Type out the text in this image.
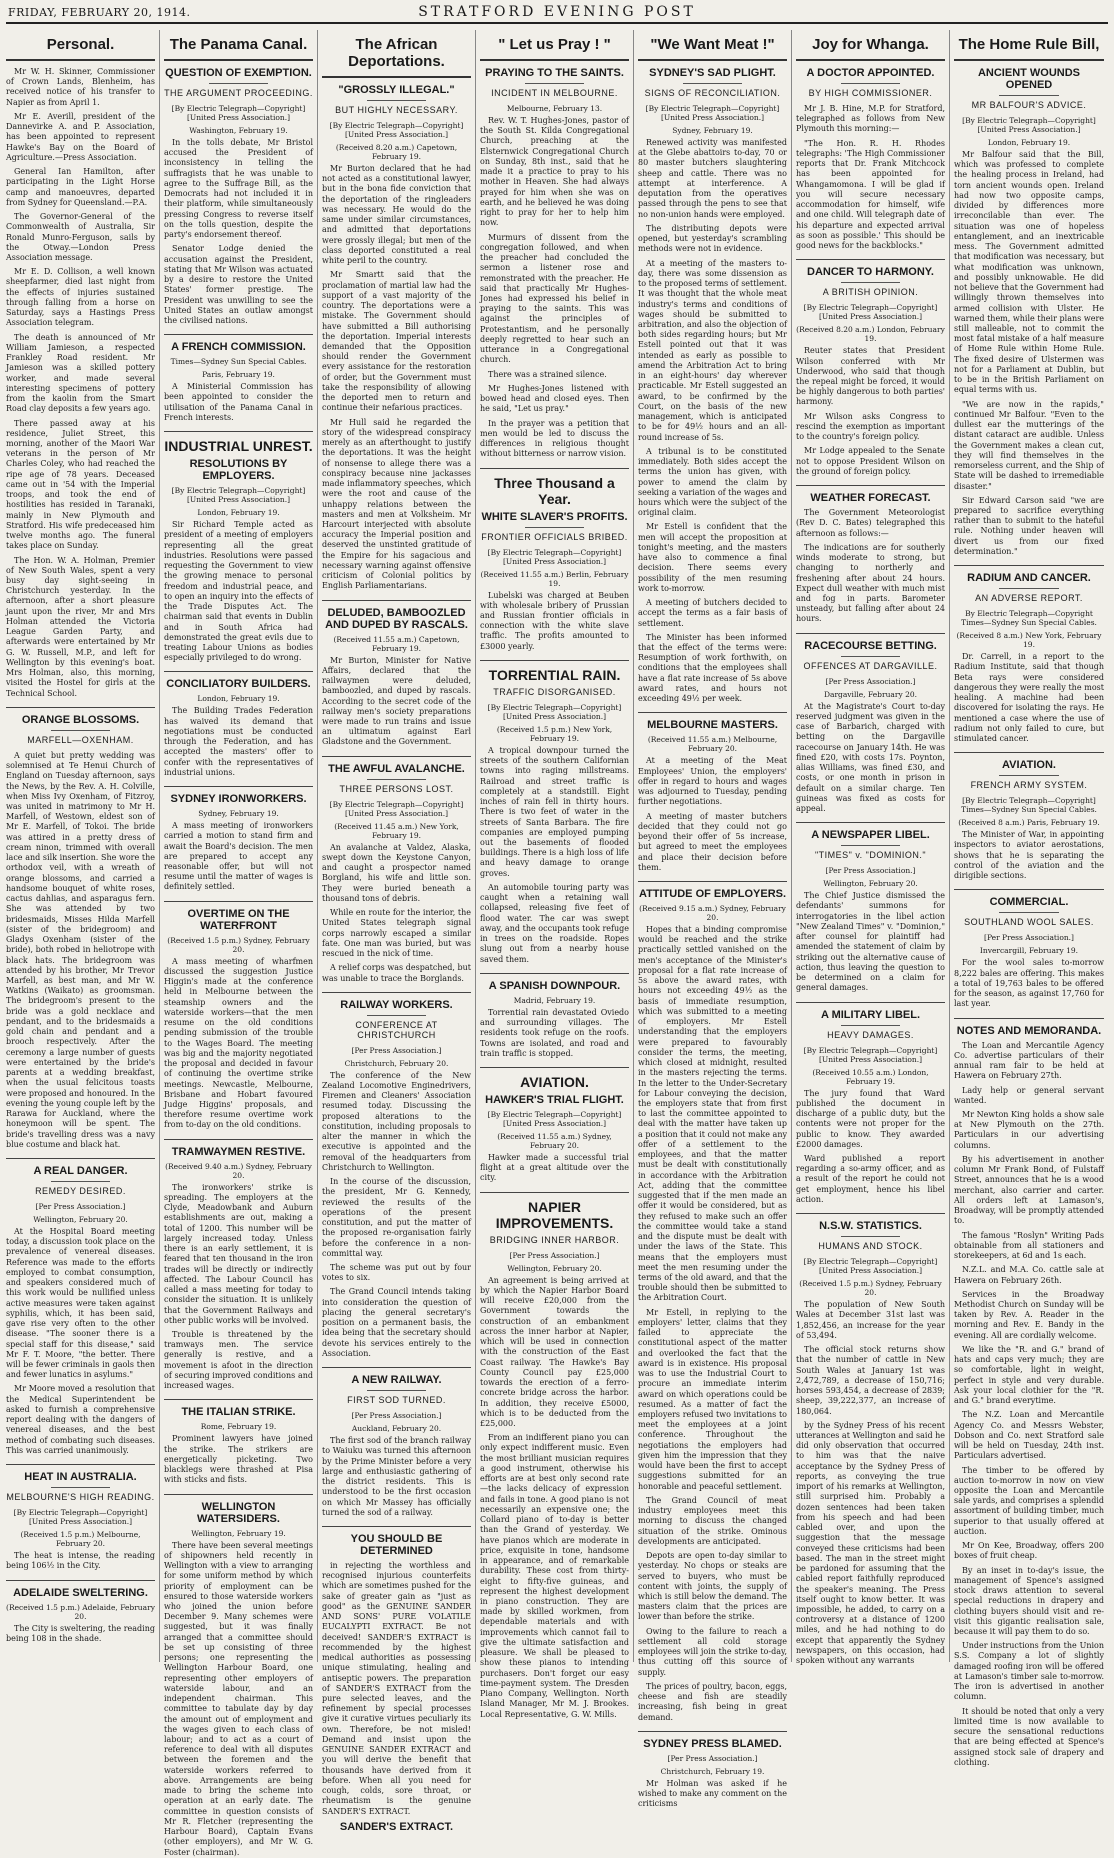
FRIDAY, FEBRUARY 20, 1914.	STRATFORD EVENING POST
Personal.

Mr W. H. Skinner, Commissioner of Crown Lands, Blenheim, has received notice of his transfer to Napier as from April 1.

Mr E. Averill, president of the Dannevirke A. and P. Association, has been appointed to represent Hawke's Bay on the Board of Agriculture.—Press Association.

General Ian Hamilton, after participating in the Light Horse camp and manoeuvres, departed from Sydney for Queensland.—P.A.

The Governor-General of the Commonwealth of Australia, Sir Ronald Munro-Ferguson, sails by the Otway.—London Press Association message.

Mr E. D. Collison, a well known sheepfarmer, died last night from the effects of injuries sustained through falling from a horse on Saturday, says a Hastings Press Association telegram.

The death is announced of Mr William Jamieson, a respected Frankley Road resident. Mr Jamieson was a skilled pottery worker, and made several interesting specimens of pottery from the kaolin from the Smart Road clay deposits a few years ago.

There passed away at his residence, Juliet Street, this morning, another of the Maori War veterans in the person of Mr Charles Coley, who had reached the ripe age of 78 years. Deceased came out in '54 with the Imperial troops, and took the end of hostilities has resided in Taranaki, mainly in New Plymouth and Stratford. His wife predeceased him twelve months ago. The funeral takes place on Sunday.

The Hon. W. A. Holman, Premier of New South Wales, spent a very busy day sight-seeing in Christchurch yesterday. In the afternoon, after a short pleasure jaunt upon the river, Mr and Mrs Holman attended the Victoria League Garden Party, and afterwards were entertained by Mr G. W. Russell, M.P., and left for Wellington by this evening's boat. Mrs Holman, also, this morning, visited the Hostel for girls at the Technical School.

ORANGE BLOSSOMS.
MARFELL—OXENHAM.

A quiet but pretty wedding was solemnised at Te Henui Church of England on Tuesday afternoon, says the News, by the Rev. A. H. Colville, when Miss Ivy Oxenham, of Fitzroy, was united in matrimony to Mr H. Marfell, of Westown, eldest son of Mr E. Marfell, of Tokoi. The bride was attired in a pretty dress of cream ninon, trimmed with overall lace and silk insertion. She wore the orthodox veil, with a wreath of orange blossoms, and carried a handsome bouquet of white roses, cactus dahlias, and asparagus fern. She was attended by two bridesmaids, Misses Hilda Marfell (sister of the bridegroom) and Gladys Oxenham (sister of the bride), both robed in heliotrope with black hats. The bridegroom was attended by his brother, Mr Trevor Marfell, as best man, and Mr W. Watkins (Waikato) as groomsman. The bridegroom's present to the bride was a gold necklace and pendant, and to the bridesmaids a gold chain and pendant and a brooch respectively. After the ceremony a large number of guests were entertained by the bride's parents at a wedding breakfast, when the usual felicitous toasts were proposed and honoured. In the evening the young couple left by the Rarawa for Auckland, where the honeymoon will be spent. The bride's travelling dress was a navy blue costume and black hat.

A REAL DANGER.
REMEDY DESIRED.
[Per Press Association.]
Wellington, February 20.

At the Hospital Board meeting today, a discussion took place on the prevalence of venereal diseases. Reference was made to the efforts employed to combat consumption, and speakers considered much of this work would be nullified unless active measures were taken against syphilis, which, it has been said, gave rise very often to the other disease. "The sooner there is a special staff for this disease," said Mr F. T. Moore, "the better. There will be fewer criminals in gaols then and fewer lunatics in asylums."

Mr Moore moved a resolution that the Medical Superintendent be asked to furnish a comprehensive report dealing with the dangers of venereal diseases, and the best method of combating such diseases. This was carried unanimously.

HEAT IN AUSTRALIA.
MELBOURNE'S HIGH READING.
[By Electric Telegraph—Copyright] [United Press Association.]
(Received 1.5 p.m.) Melbourne, February 20.

The heat is intense, the reading being 106½ in the City.

ADELAIDE SWELTERING.
(Received 1.5 p.m.) Adelaide, February 20.

The City is sweltering, the reading being 108 in the shade.

The Panama Canal.
QUESTION OF EXEMPTION.
THE ARGUMENT PROCEEDING.
[By Electric Telegraph—Copyright] [United Press Association.]
Washington, February 19.

In the tolls debate, Mr Bristol accused the President of inconsistency in telling the suffragists that he was unable to agree to the Suffrage Bill, as the Democrats had not included it in their platform, while simultaneously pressing Congress to reverse itself on the tolls question, despite the party's endorsement thereof.

Senator Lodge denied the accusation against the President, stating that Mr Wilson was actuated by a desire to restore the United States' former prestige. The President was unwilling to see the United States an outlaw amongst the civilised nations.

A FRENCH COMMISSION.
Times—Sydney Sun Special Cables.
Paris, February 19.

A Ministerial Commission has been appointed to consider the utilisation of the Panama Canal in French interests.

INDUSTRIAL UNREST.
RESOLUTIONS BY EMPLOYERS.
[By Electric Telegraph—Copyright] [United Press Association.]
London, February 19.

Sir Richard Temple acted as president of a meeting of employers representing all the great industries. Resolutions were passed requesting the Government to view the growing menace to personal freedom and industrial peace, and to open an inquiry into the effects of the Trade Disputes Act. The chairman said that events in Dublin and in South Africa had demonstrated the great evils due to treating Labour Unions as bodies especially privileged to do wrong.

CONCILIATORY BUILDERS.
London, February 19.

The Building Trades Federation has waived its demand that negotiations must be conducted through the Federation, and has accepted the masters' offer to confer with the representatives of industrial unions.

SYDNEY IRONWORKERS.
Sydney, February 19.

A mass meeting of ironworkers carried a motion to stand firm and await the Board's decision. The men are prepared to accept any reasonable offer, but will not resume until the matter of wages is definitely settled.

OVERTIME ON THE WATERFRONT
(Received 1.5 p.m.) Sydney, February 20.

A mass meeting of wharfmen discussed the suggestion Justice Higgin's made at the conference held in Melbourne between the steamship owners and the waterside workers—that the men resume on the old conditions pending submission of the trouble to the Wages Board. The meeting was big and the majority negotiated the proposal and decided in favour of continuing the overtime strike meetings. Newcastle, Melbourne, Brisbane and Hobart favoured Judge Higgins' proposals, and therefore resume overtime work from to-day on the old conditions.

TRAMWAYMEN RESTIVE.
(Received 9.40 a.m.) Sydney, February 20.

The ironworkers' strike is spreading. The employers at the Clyde, Meadowbank and Auburn establishments are out, making a total of 1200. This number will be largely increased today. Unless there is an early settlement, it is feared that ten thousand in the iron trades will be directly or indirectly affected. The Labour Council has called a mass meeting for today to consider the situation. It is unlikely that the Government Railways and other public works will be involved.

Trouble is threatened by the tramways men. The service generally is restive, and a movement is afoot in the direction of securing improved conditions and increased wages.

THE ITALIAN STRIKE.
Rome, February 19.

Prominent lawyers have joined the strike. The strikers are energetically picketing. Two blacklegs were thrashed at Pisa with sticks and fists.

WELLINGTON WATERSIDERS.
Wellington, February 19.

There have been several meetings of shipowners held recently in Wellington with a view to arranging for some uniform method by which priority of employment can be ensured to those waterside workers who joined the union before December 9. Many schemes were suggested, but it was finally arranged that a committee should be set up consisting of three persons; one representing the Wellington Harbour Board, one representing other employers of waterside labour, and an independent chairman. This committee to tabulate day by day the amount out of employment and the wages given to each class of labour; and to act as a court of reference to deal with all disputes between the foremen and the waterside workers referred to above. Arrangements are being made to bring the scheme into operation at an early date. The committee in question consists of Mr R. Fletcher (representing the Harbour Board), Captain Evans (other employers), and Mr W. G. Foster (chairman).

The African Deportations.
"GROSSLY ILLEGAL."
BUT HIGHLY NECESSARY.
[By Electric Telegraph—Copyright] [United Press Association.]
(Received 8.20 a.m.) Capetown, February 19.

Mr Burton declared that he had not acted as a constitutional lawyer, but in the bona fide conviction that the deportation of the ringleaders was necessary. He would do the same under similar circumstances, and admitted that deportations were grossly illegal; but men of the class deported constituted a real white peril to the country.

Mr Smartt said that the proclamation of martial law had the support of a vast majority of the country. The deportations were a mistake. The Government should have submitted a Bill authorising the deportation. Imperial interests demanded that the Opposition should render the Government every assistance for the restoration of order, but the Government must take the responsibility of allowing the deported men to return and continue their nefarious practices.

Mr Hull said he regarded the story of the widespread conspiracy merely as an afterthought to justify the deportations. It was the height of nonsense to allege there was a conspiracy because nine jackasses made inflammatory speeches, which were the root and cause of the unhappy relations between the masters and men at Volksheim. Mr Harcourt interjected with absolute accuracy the Imperial position and deserved the unstinted gratitude of the Empire for his sagacious and necessary warning against offensive criticism of Colonial politics by English Parliamentarians.

DELUDED, BAMBOOZLED AND DUPED BY RASCALS.
(Received 11.55 a.m.) Capetown, February 19.

Mr Burton, Minister for Native Affairs, declared that the railwaymen were deluded, bamboozled, and duped by rascals. According to the secret code of the railway men's society preparations were made to run trains and issue an ultimatum against Earl Gladstone and the Government.

THE AWFUL AVALANCHE.
THREE PERSONS LOST.
[By Electric Telegraph—Copyright] [United Press Association.]
(Received 11.45 a.m.) New York, February 19.

An avalanche at Valdez, Alaska, swept down the Keystone Canyon, and caught a prospector named Borgland, his wife and little son. They were buried beneath a thousand tons of debris.

While en route for the interior, the United States telegraph signal corps narrowly escaped a similar fate. One man was buried, but was rescued in the nick of time.

A relief corps was despatched, but was unable to trace the Borglands.

RAILWAY WORKERS.
CONFERENCE AT CHRISTCHURCH
[Per Press Association.]
Christchurch, February 20.

The conference of the New Zealand Locomotive Enginedrivers, Firemen and Cleaners' Association resumed today. Discussing the proposed alterations to the constitution, including proposals to alter the manner in which the executive is appointed and the removal of the headquarters from Christchurch to Wellington.

In the course of the discussion, the president, Mr G. Kennedy, reviewed the results of the operations of the present constitution, and put the matter of the proposed re-organisation fairly before the conference in a non-committal way.

The scheme was put out by four votes to six.

The Grand Council intends taking into consideration the question of placing the general secretary's position on a permanent basis, the idea being that the secretary should devote his services entirely to the Association.

A NEW RAILWAY.
FIRST SOD TURNED.
[Per Press Association.]
Auckland, February 20.

The first sod of the branch railway to Waiuku was turned this afternoon by the Prime Minister before a very large and enthusiastic gathering of the district residents. This is understood to be the first occasion on which Mr Massey has officially turned the sod of a railway.

YOU SHOULD BE DETERMINED

in rejecting the worthless and recognised injurious counterfeits which are sometimes pushed for the sake of greater gain as "just as good" as the GENUINE SANDER AND SONS' PURE VOLATILE EUCALYPTI EXTRACT. Be not deceived! SANDER'S EXTRACT is recommended by the highest medical authorities as possessing unique stimulating, healing and antiseptic powers. The preparation of SANDER'S EXTRACT from the pure selected leaves, and the refinement by special processes give it curative virtues peculiarly its own. Therefore, be not misled! Demand and insist upon the GENUINE SANDER EXTRACT and you will derive the benefit that thousands have derived from it before. When all you need for cough, colds, sore throat, or rheumatism is the genuine SANDER'S EXTRACT.

SANDER'S EXTRACT.
" Let us Pray ! "
PRAYING TO THE SAINTS.
INCIDENT IN MELBOURNE.
Melbourne, February 13.

Rev. W. T. Hughes-Jones, pastor of the South St. Kilda Congregational Church, preaching at the Elsternwick Congregational Church on Sunday, 8th inst., said that he made it a practice to pray to his mother in Heaven. She had always prayed for him when she was on earth, and he believed he was doing right to pray for her to help him now.

Murmurs of dissent from the congregation followed, and when the preacher had concluded the sermon a listener rose and remonstrated with the preacher. He said that practically Mr Hughes-Jones had expressed his belief in praying to the saints. This was against the principles of Protestantism, and he personally deeply regretted to hear such an utterance in a Congregational church.

There was a strained silence.

Mr Hughes-Jones listened with bowed head and closed eyes. Then he said, "Let us pray."

In the prayer was a petition that men would be led to discuss the differences in religious thought without bitterness or narrow vision.

Three Thousand a Year.
WHITE SLAVER'S PROFITS.
FRONTIER OFFICIALS BRIBED.
[By Electric Telegraph—Copyright] [United Press Association.]
(Received 11.55 a.m.) Berlin, February 19.

Lubelski was charged at Beuben with wholesale bribery of Prussian and Russian frontier officials in connection with the white slave traffic. The profits amounted to £3000 yearly.

TORRENTIAL RAIN.
TRAFFIC DISORGANISED.
[By Electric Telegraph—Copyright] [United Press Association.]
(Received 1.5 p.m.) New York, February 19.

A tropical downpour turned the streets of the southern Californian towns into raging millstreams. Railroad and street traffic is completely at a standstill. Eight inches of rain fell in thirty hours. There is two feet of water in the streets of Santa Barbara. The fire companies are employed pumping out the basements of flooded buildings. There is a high loss of life and heavy damage to orange groves.

An automobile touring party was caught when a retaining wall collapsed, releasing five feet of flood water. The car was swept away, and the occupants took refuge in trees on the roadside. Ropes slung out from a nearby house saved them.

A SPANISH DOWNPOUR.
Madrid, February 19.

Torrential rain devastated Oviedo and surrounding villages. The residents took refuge on the roofs. Towns are isolated, and road and train traffic is stopped.

AVIATION.
HAWKER'S TRIAL FLIGHT.
[By Electric Telegraph—Copyright] [United Press Association.]
(Received 11.55 a.m.) Sydney, February 20.

Hawker made a successful trial flight at a great altitude over the city.

NAPIER IMPROVEMENTS.
BRIDGING INNER HARBOR.
[Per Press Association.]
Wellington, February 20.

An agreement is being arrived at by which the Napier Harbor Board will receive £20,000 from the Government towards the construction of an embankment across the inner harbor at Napier, which will be used in connection with the construction of the East Coast railway. The Hawke's Bay County Council pay £25,000 towards the erection of a ferro-concrete bridge across the harbor. In addition, they receive £5000, which is to be deducted from the £25,000.

From an indifferent piano you can only expect indifferent music. Even the most brilliant musician requires a good instrument, otherwise his efforts are at best only second rate—the lacks delicacy of expression and fails in tone. A good piano is not necessarily an expensive one; the Collard piano of to-day is better than the Grand of yesterday. We have pianos which are moderate in price, exquisite in tone, handsome in appearance, and of remarkable durability. These cost from thirty-eight to fifty-five guineas, and represent the highest development in piano construction. They are made by skilled workmen, from dependable materials and with improvements which cannot fail to give the ultimate satisfaction and pleasure. We shall be pleased to show these pianos to intending purchasers. Don't forget our easy time-payment system. The Dresden Piano Company, Wellington. North Island Manager, Mr M. J. Brookes. Local Representative, G. W. Mills.

"We Want Meat !"
SYDNEY'S SAD PLIGHT.
SIGNS OF RECONCILIATION.
[By Electric Telegraph—Copyright] [United Press Association.]
Sydney, February 19.

Renewed activity was manifested at the Glebe abattoirs to-day, 70 or 80 master butchers slaughtering sheep and cattle. There was no attempt at interference. A deputation from the operatives passed through the pens to see that no non-union hands were employed.

The distributing depots were opened, but yesterday's scrambling methods were not in evidence.

At a meeting of the masters to-day, there was some dissension as to the proposed terms of settlement. It was thought that the whole meat industry's terms and conditions of wages should be submitted to arbitration, and also the objection of both sides regarding hours; but Mr Estell pointed out that it was intended as early as possible to amend the Arbitration Act to bring in an eight-hours' day wherever practicable. Mr Estell suggested an award, to be confirmed by the Court, on the basis of the new management, which is anticipated to be for 49½ hours and an all-round increase of 5s.

A tribunal is to be constituted immediately. Both sides accept the terms the union has given, with power to amend the claim by seeking a variation of the wages and hours which were the subject of the original claim.

Mr Estell is confident that the men will accept the proposition at tonight's meeting, and the masters have also to commence a final decision. There seems every possibility of the men resuming work to-morrow.

A meeting of butchers decided to accept the terms as a fair basis of settlement.

The Minister has been informed that the effect of the terms were: Resumption of work forthwith, on conditions that the employees shall have a flat rate increase of 5s above award rates, and hours not exceeding 49½ per week.

MELBOURNE MASTERS.
(Received 11.55 a.m.) Melbourne, February 20.

At a meeting of the Meat Employees' Union, the employers' offer in regard to hours and wages was adjourned to Tuesday, pending further negotiations.

A meeting of master butchers decided that they could not go beyond their offer of 5s increase, but agreed to meet the employees and place their decision before them.

ATTITUDE OF EMPLOYERS.
(Received 9.15 a.m.) Sydney, February 20.

Hopes that a binding compromise would be reached and the strike practically settled vanished on the men's acceptance of the Minister's proposal for a flat rate increase of 5s above the award rates, with hours not exceeding 49½ as the basis of immediate resumption, which was submitted to a meeting of employers. Mr Estell understanding that the employers were prepared to favourably consider the terms, the meeting, which closed at midnight, resulted in the masters rejecting the terms. In the letter to the Under-Secretary for Labour conveying the decision, the employers state that from first to last the committee appointed to deal with the matter have taken up a position that it could not make any offer of a settlement to the employees, and that the matter must be dealt with constitutionally in accordance with the Arbitration Act, adding that the committee suggested that if the men made an offer it would be considered, but as they refused to make such an offer the committee would take a stand and the dispute must be dealt with under the laws of the State. This means that the employers must meet the men resuming under the terms of the old award, and that the trouble should then be submitted to the Arbitration Court.

Mr Estell, in replying to the employers' letter, claims that they failed to appreciate the constitutional aspect of the matter and overlooked the fact that the award is in existence. His proposal was to use the Industrial Court to procure an immediate interim award on which operations could be resumed. As a matter of fact the employers refused two invitations to meet the employees at a joint conference. Throughout the negotiations the employers had given him the impression that they would have been the first to accept suggestions submitted for an honorable and peaceful settlement.

The Grand Council of meat industry employees meet this morning to discuss the changed situation of the strike. Ominous developments are anticipated.

Depots are open to-day similar to yesterday. No chops or steaks are served to buyers, who must be content with joints, the supply of which is still below the demand. The masters claim that the prices are lower than before the strike.

Owing to the failure to reach a settlement all cold storage employees will join the strike to-day, thus cutting off this source of supply.

The prices of poultry, bacon, eggs, cheese and fish are steadily increasing, fish being in great demand.

SYDNEY PRESS BLAMED.
[Per Press Association.]
Christchurch, February 19.

Mr Holman was asked if he wished to make any comment on the criticisms

Joy for Whanga.
A DOCTOR APPOINTED.
BY HIGH COMMISSIONER.

Mr J. B. Hine, M.P. for Stratford, telegraphed as follows from New Plymouth this morning:—

"The Hon. R. H. Rhodes telegraphs: 'The High Commissioner reports that Dr. Frank Mitchcock has been appointed for Whangamomona. I will be glad if you will secure necessary accommodation for himself, wife and one child. Will telegraph date of his departure and expected arrival as soon as possible.' This should be good news for the backblocks."

DANCER TO HARMONY.
A BRITISH OPINION.
[By Electric Telegraph—Copyright] [United Press Association.]
(Received 8.20 a.m.) London, February 19.

Reuter states that President Wilson conferred with Mr Underwood, who said that though the repeal might be forced, it would be highly dangerous to both parties' harmony.

Mr Wilson asks Congress to rescind the exemption as important to the country's foreign policy.

Mr Lodge appealed to the Senate not to oppose President Wilson on the ground of foreign policy.

WEATHER FORECAST.

The Government Meteorologist (Rev D. C. Bates) telegraphed this afternoon as follows:—

The indications are for southerly winds moderate to strong, but changing to northerly and freshening after about 24 hours. Expect dull weather with much mist and fog in parts. Barometer unsteady, but falling after about 24 hours.

RACECOURSE BETTING.
OFFENCES AT DARGAVILLE.
[Per Press Association.]
Dargaville, February 20.

At the Magistrate's Court to-day reserved judgment was given in the case of Barbarich, charged with betting on the Dargaville racecourse on January 14th. He was fined £20, with costs 17s. Poynton, alias Williams, was fined £30, and costs, or one month in prison in default on a similar charge. Ten guineas was fixed as costs for appeal.

A NEWSPAPER LIBEL.
"TIMES" v. "DOMINION."
[Per Press Association.]
Wellington, February 20.

The Chief Justice dismissed the defendants' summons for interrogatories in the libel action "New Zealand Times" v. "Dominion," after counsel for plaintiff had amended the statement of claim by striking out the alternative cause of action, thus leaving the question to be determined on a claim for general damages.

A MILITARY LIBEL.
HEAVY DAMAGES.
[By Electric Telegraph—Copyright] [United Press Association.]
(Received 10.55 a.m.) London, February 19.

The jury found that Ward published the document in discharge of a public duty, but the contents were not proper for the public to know. They awarded £2000 damages.

Ward published a report regarding a so-army officer, and as a result of the report he could not get employment, hence his libel action.

N.S.W. STATISTICS.
HUMANS AND STOCK.
[By Electric Telegraph—Copyright] [United Press Association.]
(Received 1.5 p.m.) Sydney, February 20.

The population of New South Wales at December 31st last was 1,852,456, an increase for the year of 53,494.

The official stock returns show that the number of cattle in New South Wales at January 1st was 2,472,789, a decrease of 150,716; horses 593,454, a decrease of 2839; sheep, 39,222,377, an increase of 180,064.

by the Sydney Press of his recent utterances at Wellington and said he did only observation that occurred to him was that the naive acceptance by the Sydney Press of reports, as conveying the true import of his remarks at Wellington, still surprised him. Probably a dozen sentences had been taken from his speech and had been cabled over, and upon the suggestion that the message conveyed these criticisms had been based. The man in the street might be pardoned for assuming that the cabled report faithfully reproduced the speaker's meaning. The Press itself ought to know better. It was impossible, he added, to carry on a controversy at a distance of 1200 miles, and he had nothing to do except that apparently the Sydney newspapers, on this occasion, had spoken without any warrants

The Home Rule Bill,
ANCIENT WOUNDS OPENED
MR BALFOUR'S ADVICE.
[By Electric Telegraph—Copyright] [United Press Association.]
London, February 19.

Mr Balfour said that the Bill, which was professed to complete the healing process in Ireland, had torn ancient wounds open. Ireland had now two opposite camps, divided by differences more irreconcilable than ever. The situation was one of hopeless entanglement, and an inextricable mess. The Government admitted that modification was necessary, but what modification was unknown, and possibly unknowable. He did not believe that the Government had willingly thrown themselves into armed collision with Ulster. He warned them, while their plans were still malleable, not to commit the most fatal mistake of a half measure of Home Rule within Home Rule. The fixed desire of Ulstermen was not for a Parliament at Dublin, but to be in the British Parliament on equal terms with us.

"We are now in the rapids," continued Mr Balfour. "Even to the dullest ear the mutterings of the distant cataract are audible. Unless the Government makes a clean cut, they will find themselves in the remorseless current, and the Ship of State will be dashed to irremediable disaster."

Sir Edward Carson said "we are prepared to sacrifice everything rather than to submit to the hateful rule. Nothing under heaven will divert us from our fixed determination."

RADIUM AND CANCER.
AN ADVERSE REPORT.
By Electric Telegraph—Copyright Times—Sydney Sun Special Cables.
(Received 8 a.m.) New York, February 19.

Dr. Carrell, in a report to the Radium Institute, said that though Beta rays were considered dangerous they were really the most healing. A machine had been discovered for isolating the rays. He mentioned a case where the use of radium not only failed to cure, but stimulated cancer.

AVIATION.
FRENCH ARMY SYSTEM.
[By Electric Telegraph—Copyright] Times—Sydney Sun Special Cables.
(Received 8 a.m.) Paris, February 19.

The Minister of War, in appointing inspectors to aviator aerostations, shows that he is separating the control of the aviation and the dirigible sections.

COMMERCIAL.
SOUTHLAND WOOL SALES.
[Per Press Association.]
Invercargill, February 19.

For the wool sales to-morrow 8,222 bales are offering. This makes a total of 19,763 bales to be offered for the season, as against 17,760 for last year.

NOTES AND MEMORANDA.

The Loan and Mercantile Agency Co. advertise particulars of their annual ram fair to be held at Hawera on February 27th.

Lady help or general servant wanted.

Mr Newton King holds a show sale at New Plymouth on the 27th. Particulars in our advertising columns.

By his advertisement in another column Mr Frank Bond, of Fulstaff Street, announces that he is a wood merchant, also carrier and carter. All orders left at Lamason's, Broadway, will be promptly attended to.

The famous "Roslyn" Writing Pads obtainable from all stationers and storekeepers, at 6d and 1s each.

N.Z.L. and M.A. Co. cattle sale at Hawera on February 26th.

Services in the Broadway Methodist Church on Sunday will be taken by Rev. A. Reader in the morning and Rev. E. Bandy in the evening. All are cordially welcome.

We like the "R. and G." brand of hats and caps very much; they are so comfortable, light in weight, perfect in style and very durable. Ask your local clothier for the "R. and G." brand everytime.

The N.Z. Loan and Mercantile Agency Co. and Messrs Webster, Dobson and Co. next Stratford sale will be held on Tuesday, 24th inst. Particulars advertised.

The timber to be offered by auction to-morrow in now on view opposite the Loan and Mercantile sale yards, and comprises a splendid assortment of building timber, much superior to that usually offered at auction.

Mr On Kee, Broadway, offers 200 boxes of fruit cheap.

By an inset in to-day's issue, the management of Spence's assigned stock draws attention to several special reductions in drapery and clothing buyers should visit and re-visit this gigantic realisation sale, because it will pay them to do so.

Under instructions from the Union S.S. Company a lot of slightly damaged roofing iron will be offered at Lamason's timber sale to-morrow. The iron is advertised in another column.

It should be noted that only a very limited time is now available to secure the sensational reductions that are being effected at Spence's assigned stock sale of drapery and clothing.
